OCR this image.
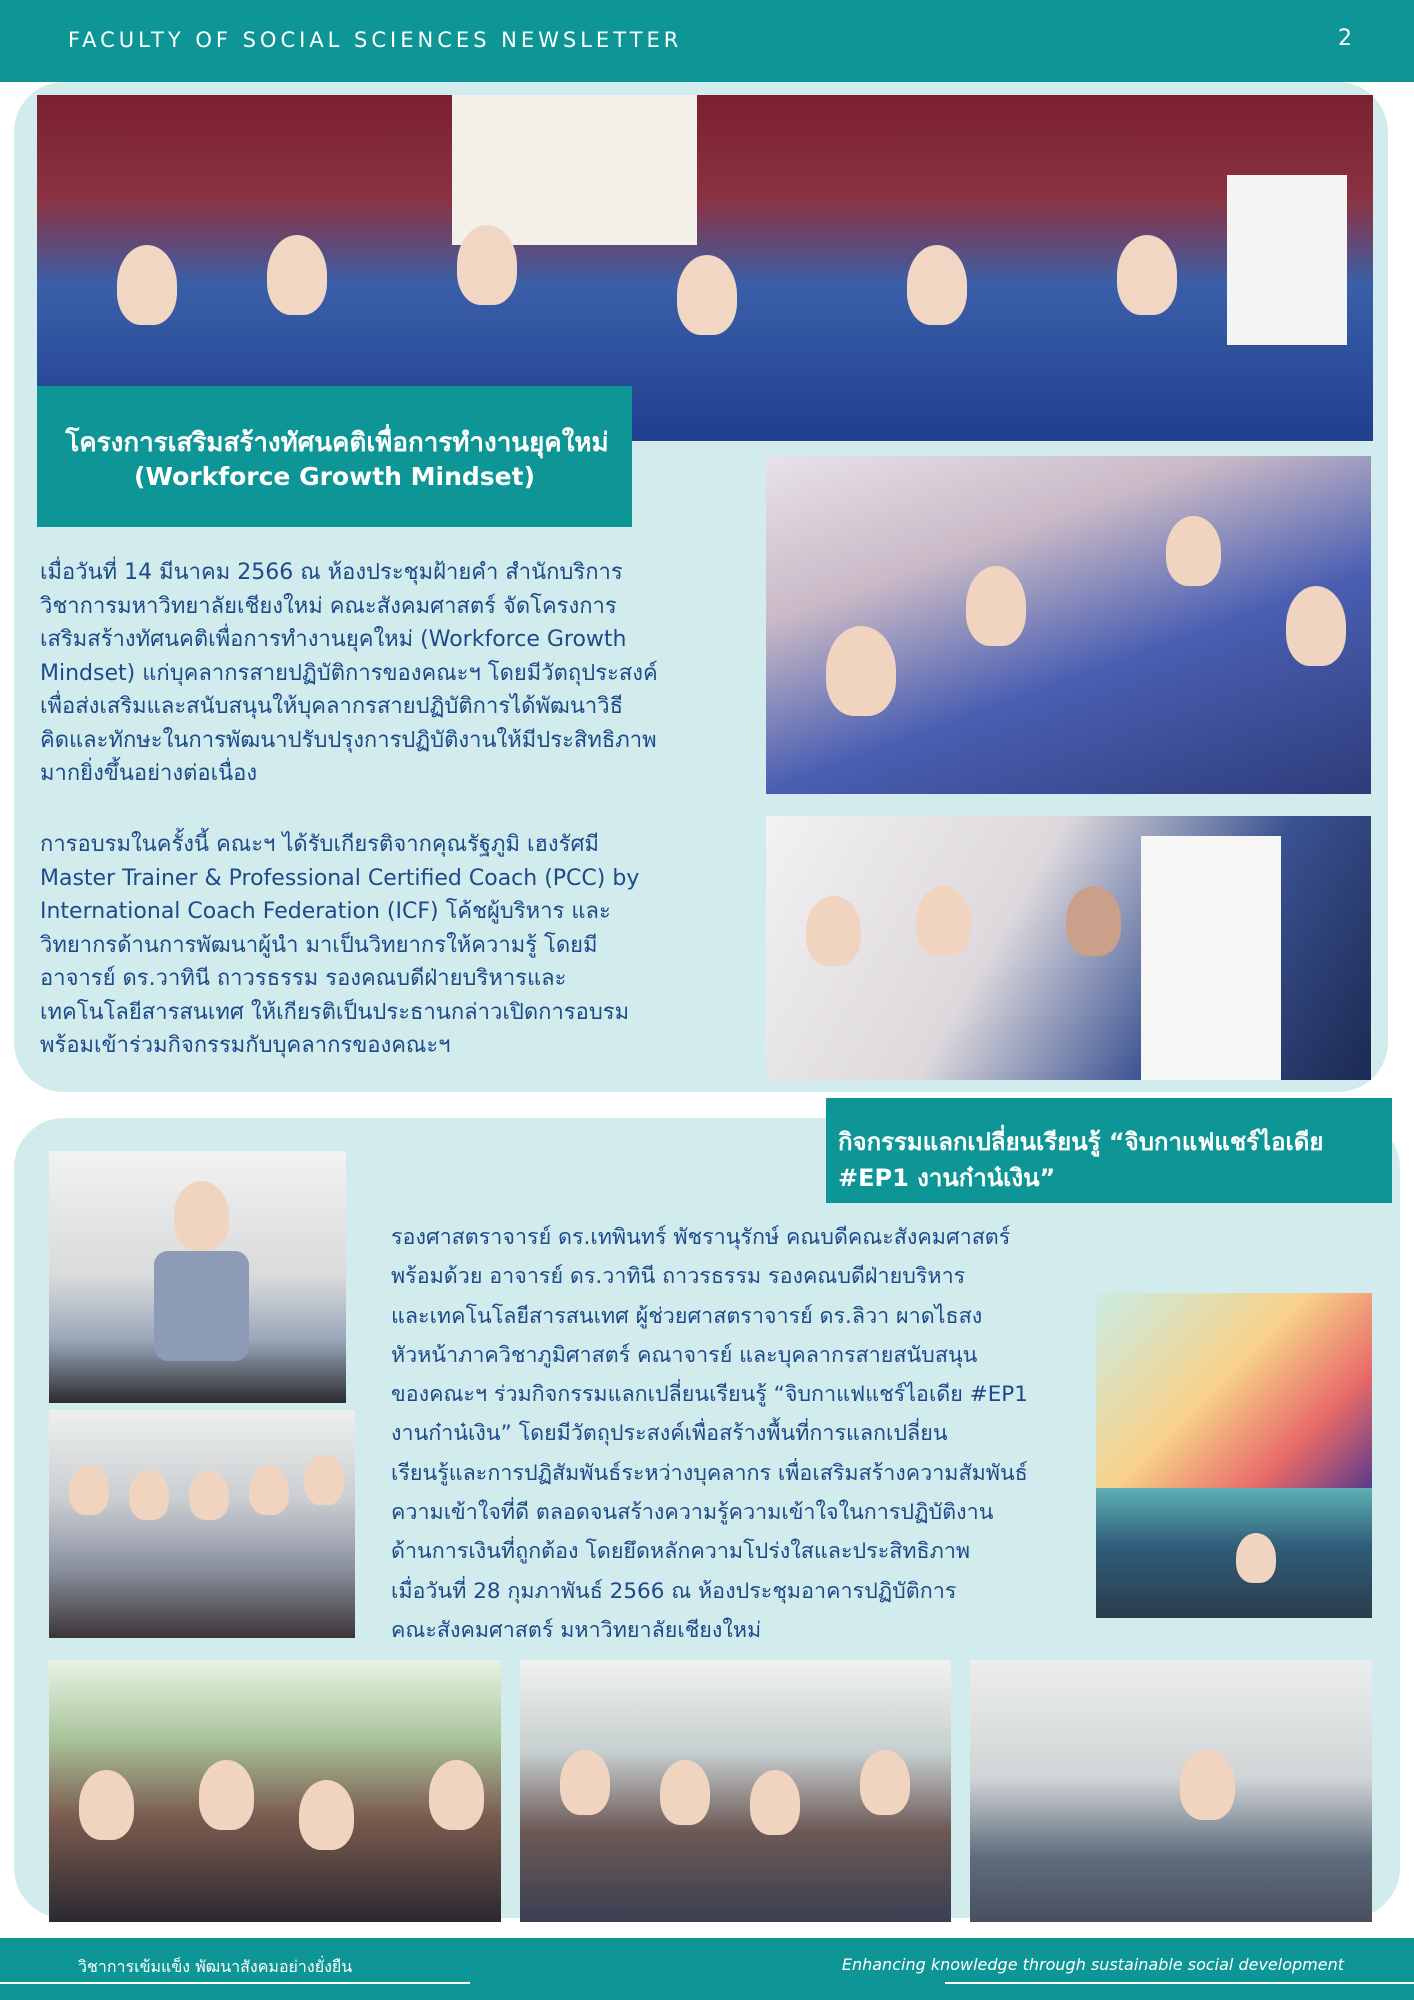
FACULTY OF SOCIAL SCIENCES NEWSLETTER	2
โครงการเสริมสร้างทัศนคติเพื่อการทำงานยุคใหม่
(Workforce Growth Mindset)
เมื่อวันที่ 14 มีนาคม 2566 ณ ห้องประชุมฝ้ายคำ สำนักบริการ
วิชาการมหาวิทยาลัยเชียงใหม่ คณะสังคมศาสตร์ จัดโครงการ
เสริมสร้างทัศนคติเพื่อการทำงานยุคใหม่ (Workforce Growth
Mindset) แก่บุคลากรสายปฏิบัติการของคณะฯ โดยมีวัตถุประสงค์
เพื่อส่งเสริมและสนับสนุนให้บุคลากรสายปฏิบัติการได้พัฒนาวิธี
คิดและทักษะในการพัฒนาปรับปรุงการปฏิบัติงานให้มีประสิทธิภาพ
มากยิ่งขึ้นอย่างต่อเนื่อง
การอบรมในครั้งนี้ คณะฯ ได้รับเกียรติจากคุณรัฐภูมิ เฮงรัศมี
Master Trainer & Professional Certified Coach (PCC) by
International Coach Federation (ICF) โค้ชผู้บริหาร และ
วิทยากรด้านการพัฒนาผู้นำ มาเป็นวิทยากรให้ความรู้ โดยมี
อาจารย์ ดร.วาทินี ถาวรธรรม รองคณบดีฝ่ายบริหารและ
เทคโนโลยีสารสนเทศ ให้เกียรติเป็นประธานกล่าวเปิดการอบรม
พร้อมเข้าร่วมกิจกรรมกับบุคลากรของคณะฯ
กิจกรรมแลกเปลี่ยนเรียนรู้ “จิบกาแฟแชร์ไอเดีย
#EP1 งานก๋าน๋เงิน”
รองศาสตราจารย์ ดร.เทพินทร์ พัชรานุรักษ์ คณบดีคณะสังคมศาสตร์
พร้อมด้วย อาจารย์ ดร.วาทินี ถาวรธรรม รองคณบดีฝ่ายบริหาร
และเทคโนโลยีสารสนเทศ ผู้ช่วยศาสตราจารย์ ดร.ลิวา ผาดไธสง
หัวหน้าภาควิชาภูมิศาสตร์ คณาจารย์ และบุคลากรสายสนับสนุน
ของคณะฯ ร่วมกิจกรรมแลกเปลี่ยนเรียนรู้ “จิบกาแฟแชร์ไอเดีย #EP1
งานก๋าน๋เงิน” โดยมีวัตถุประสงค์เพื่อสร้างพื้นที่การแลกเปลี่ยน
เรียนรู้และการปฏิสัมพันธ์ระหว่างบุคลากร เพื่อเสริมสร้างความสัมพันธ์
ความเข้าใจที่ดี ตลอดจนสร้างความรู้ความเข้าใจในการปฏิบัติงาน
ด้านการเงินที่ถูกต้อง โดยยึดหลักความโปร่งใสและประสิทธิภาพ
เมื่อวันที่ 28 กุมภาพันธ์ 2566 ณ ห้องประชุมอาคารปฏิบัติการ
คณะสังคมศาสตร์ มหาวิทยาลัยเชียงใหม่
วิชาการเข้มแข็ง พัฒนาสังคมอย่างยั่งยืน	Enhancing knowledge through sustainable social development
